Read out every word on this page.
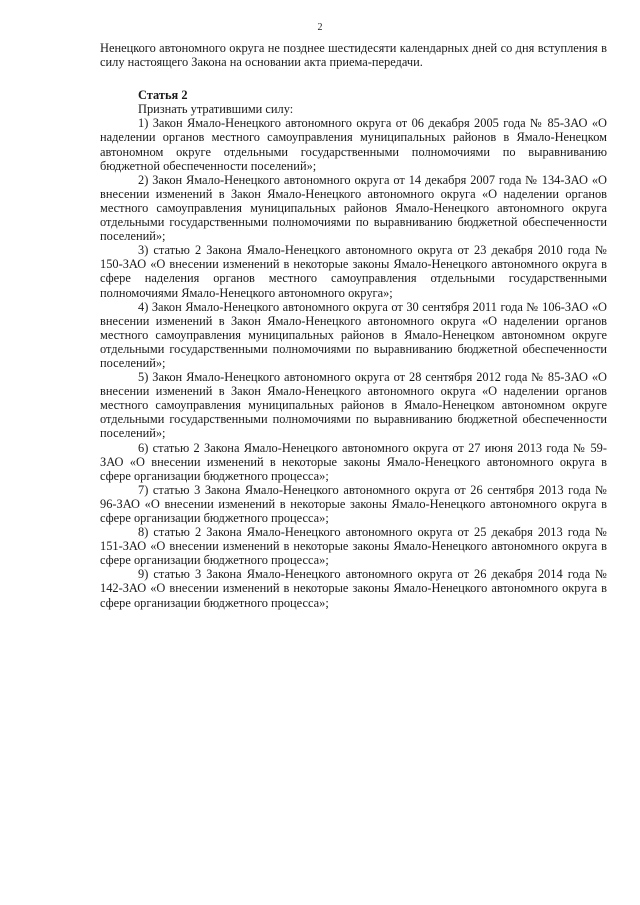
2

Ненецкого автономного округа не позднее шестидесяти календарных дней со дня вступления в силу настоящего Закона на основании акта приема-передачи.

Статья 2

Признать утратившими силу:

1) Закон Ямало-Ненецкого автономного округа от 06 декабря 2005 года № 85-ЗАО «О наделении органов местного самоуправления муниципальных районов в Ямало-Ненецком автономном округе отдельными государственными полномочиями по выравниванию бюджетной обеспеченности поселений»;

2) Закон Ямало-Ненецкого автономного округа от 14 декабря 2007 года № 134-ЗАО «О внесении изменений в Закон Ямало-Ненецкого автономного округа «О наделении органов местного самоуправления муниципальных районов Ямало-Ненецкого автономного округа отдельными государственными полномочиями по выравниванию бюджетной обеспеченности поселений»;

3) статью 2 Закона Ямало-Ненецкого автономного округа от 23 декабря 2010 года № 150-ЗАО «О внесении изменений в некоторые законы Ямало-Ненецкого автономного округа в сфере наделения органов местного самоуправления отдельными государственными полномочиями Ямало-Ненецкого автономного округа»;

4) Закон Ямало-Ненецкого автономного округа от 30 сентября 2011 года № 106-ЗАО «О внесении изменений в Закон Ямало-Ненецкого автономного округа «О наделении органов местного самоуправления муниципальных районов в Ямало-Ненецком автономном округе отдельными государственными полномочиями по выравниванию бюджетной обеспеченности поселений»;

5) Закон Ямало-Ненецкого автономного округа от 28 сентября 2012 года № 85-ЗАО «О внесении изменений в Закон Ямало-Ненецкого автономного округа «О наделении органов местного самоуправления муниципальных районов в Ямало-Ненецком автономном округе отдельными государственными полномочиями по выравниванию бюджетной обеспеченности поселений»;

6) статью 2 Закона Ямало-Ненецкого автономного округа от 27 июня 2013 года № 59-ЗАО «О внесении изменений в некоторые законы Ямало-Ненецкого автономного округа в сфере организации бюджетного процесса»;

7) статью 3 Закона Ямало-Ненецкого автономного округа от 26 сентября 2013 года № 96-ЗАО «О внесении изменений в некоторые законы Ямало-Ненецкого автономного округа в сфере организации бюджетного процесса»;

8) статью 2 Закона Ямало-Ненецкого автономного округа от 25 декабря 2013 года № 151-ЗАО «О внесении изменений в некоторые законы Ямало-Ненецкого автономного округа в сфере организации бюджетного процесса»;

9) статью 3 Закона Ямало-Ненецкого автономного округа от 26 декабря 2014 года № 142-ЗАО «О внесении изменений в некоторые законы Ямало-Ненецкого автономного округа в сфере организации бюджетного процесса»;
